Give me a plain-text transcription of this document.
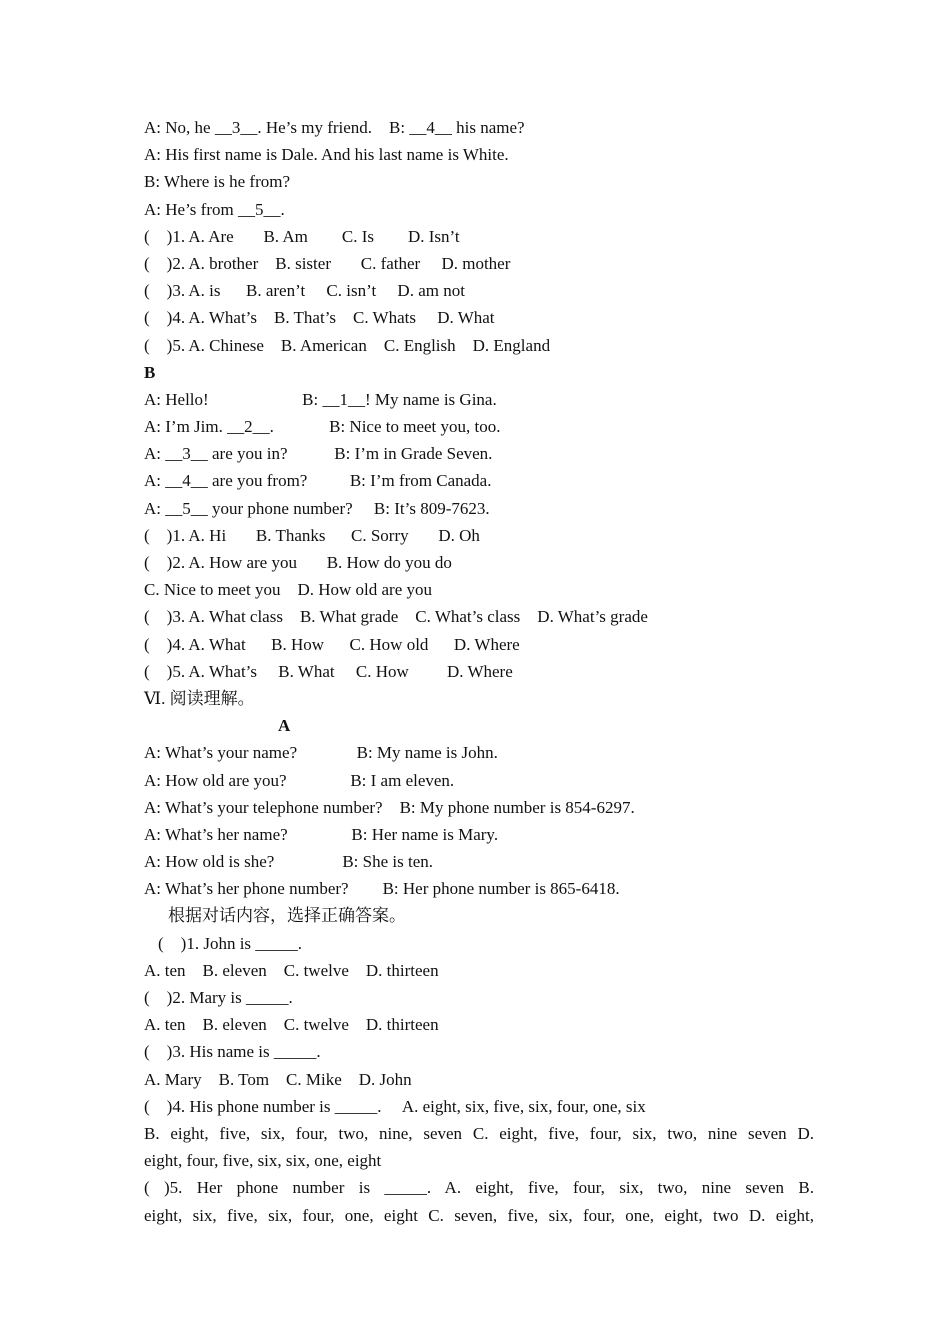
A: No, he __3__. He’s my friend.    B: __4__ his name?
A: His first name is Dale. And his last name is White.
B: Where is he from?
A: He’s from __5__.
(    )1. A. Are       B. Am        C. Is        D. Isn’t
(    )2. A. brother    B. sister       C. father     D. mother
(    )3. A. is      B. aren’t     C. isn’t     D. am not
(    )4. A. What’s    B. That’s    C. Whats     D. What
(    )5. A. Chinese    B. American    C. English    D. England
B
A: Hello!                      B: __1__! My name is Gina.
A: I’m Jim. __2__.             B: Nice to meet you, too.
A: __3__ are you in?           B: I’m in Grade Seven.
A: __4__ are you from?          B: I’m from Canada.
A: __5__ your phone number?     B: It’s 809-7623.
(    )1. A. Hi       B. Thanks      C. Sorry       D. Oh
(    )2. A. How are you       B. How do you do
C. Nice to meet you    D. How old are you
(    )3. A. What class    B. What grade    C. What’s class    D. What’s grade
(    )4. A. What      B. How      C. How old      D. Where
(    )5. A. What’s     B. What     C. How         D. Where
Ⅵ. 阅读理解。
A
A: What’s your name?              B: My name is John.
A: How old are you?               B: I am eleven.
A: What’s your telephone number?    B: My phone number is 854-6297.
A: What’s her name?               B: Her name is Mary.
A: How old is she?                B: She is ten.
A: What’s her phone number?        B: Her phone number is 865-6418.
根据对话内容，选择正确答案。
(    )1. John is _____.
A. ten    B. eleven    C. twelve    D. thirteen
(    )2. Mary is _____.
A. ten    B. eleven    C. twelve    D. thirteen
(    )3. His name is _____.
A. Mary    B. Tom    C. Mike    D. John
(    )4. His phone number is _____.     A. eight, six, five, six, four, one, six
B. eight, five, six, four, two, nine, seven C. eight, five, four, six, two, nine seven D.
eight, four, five, six, six, one, eight
( )5. Her phone number is _____. A. eight, five, four, six, two, nine seven B.
eight, six, five, six, four, one, eight C. seven, five, six, four, one, eight, two D. eight,
